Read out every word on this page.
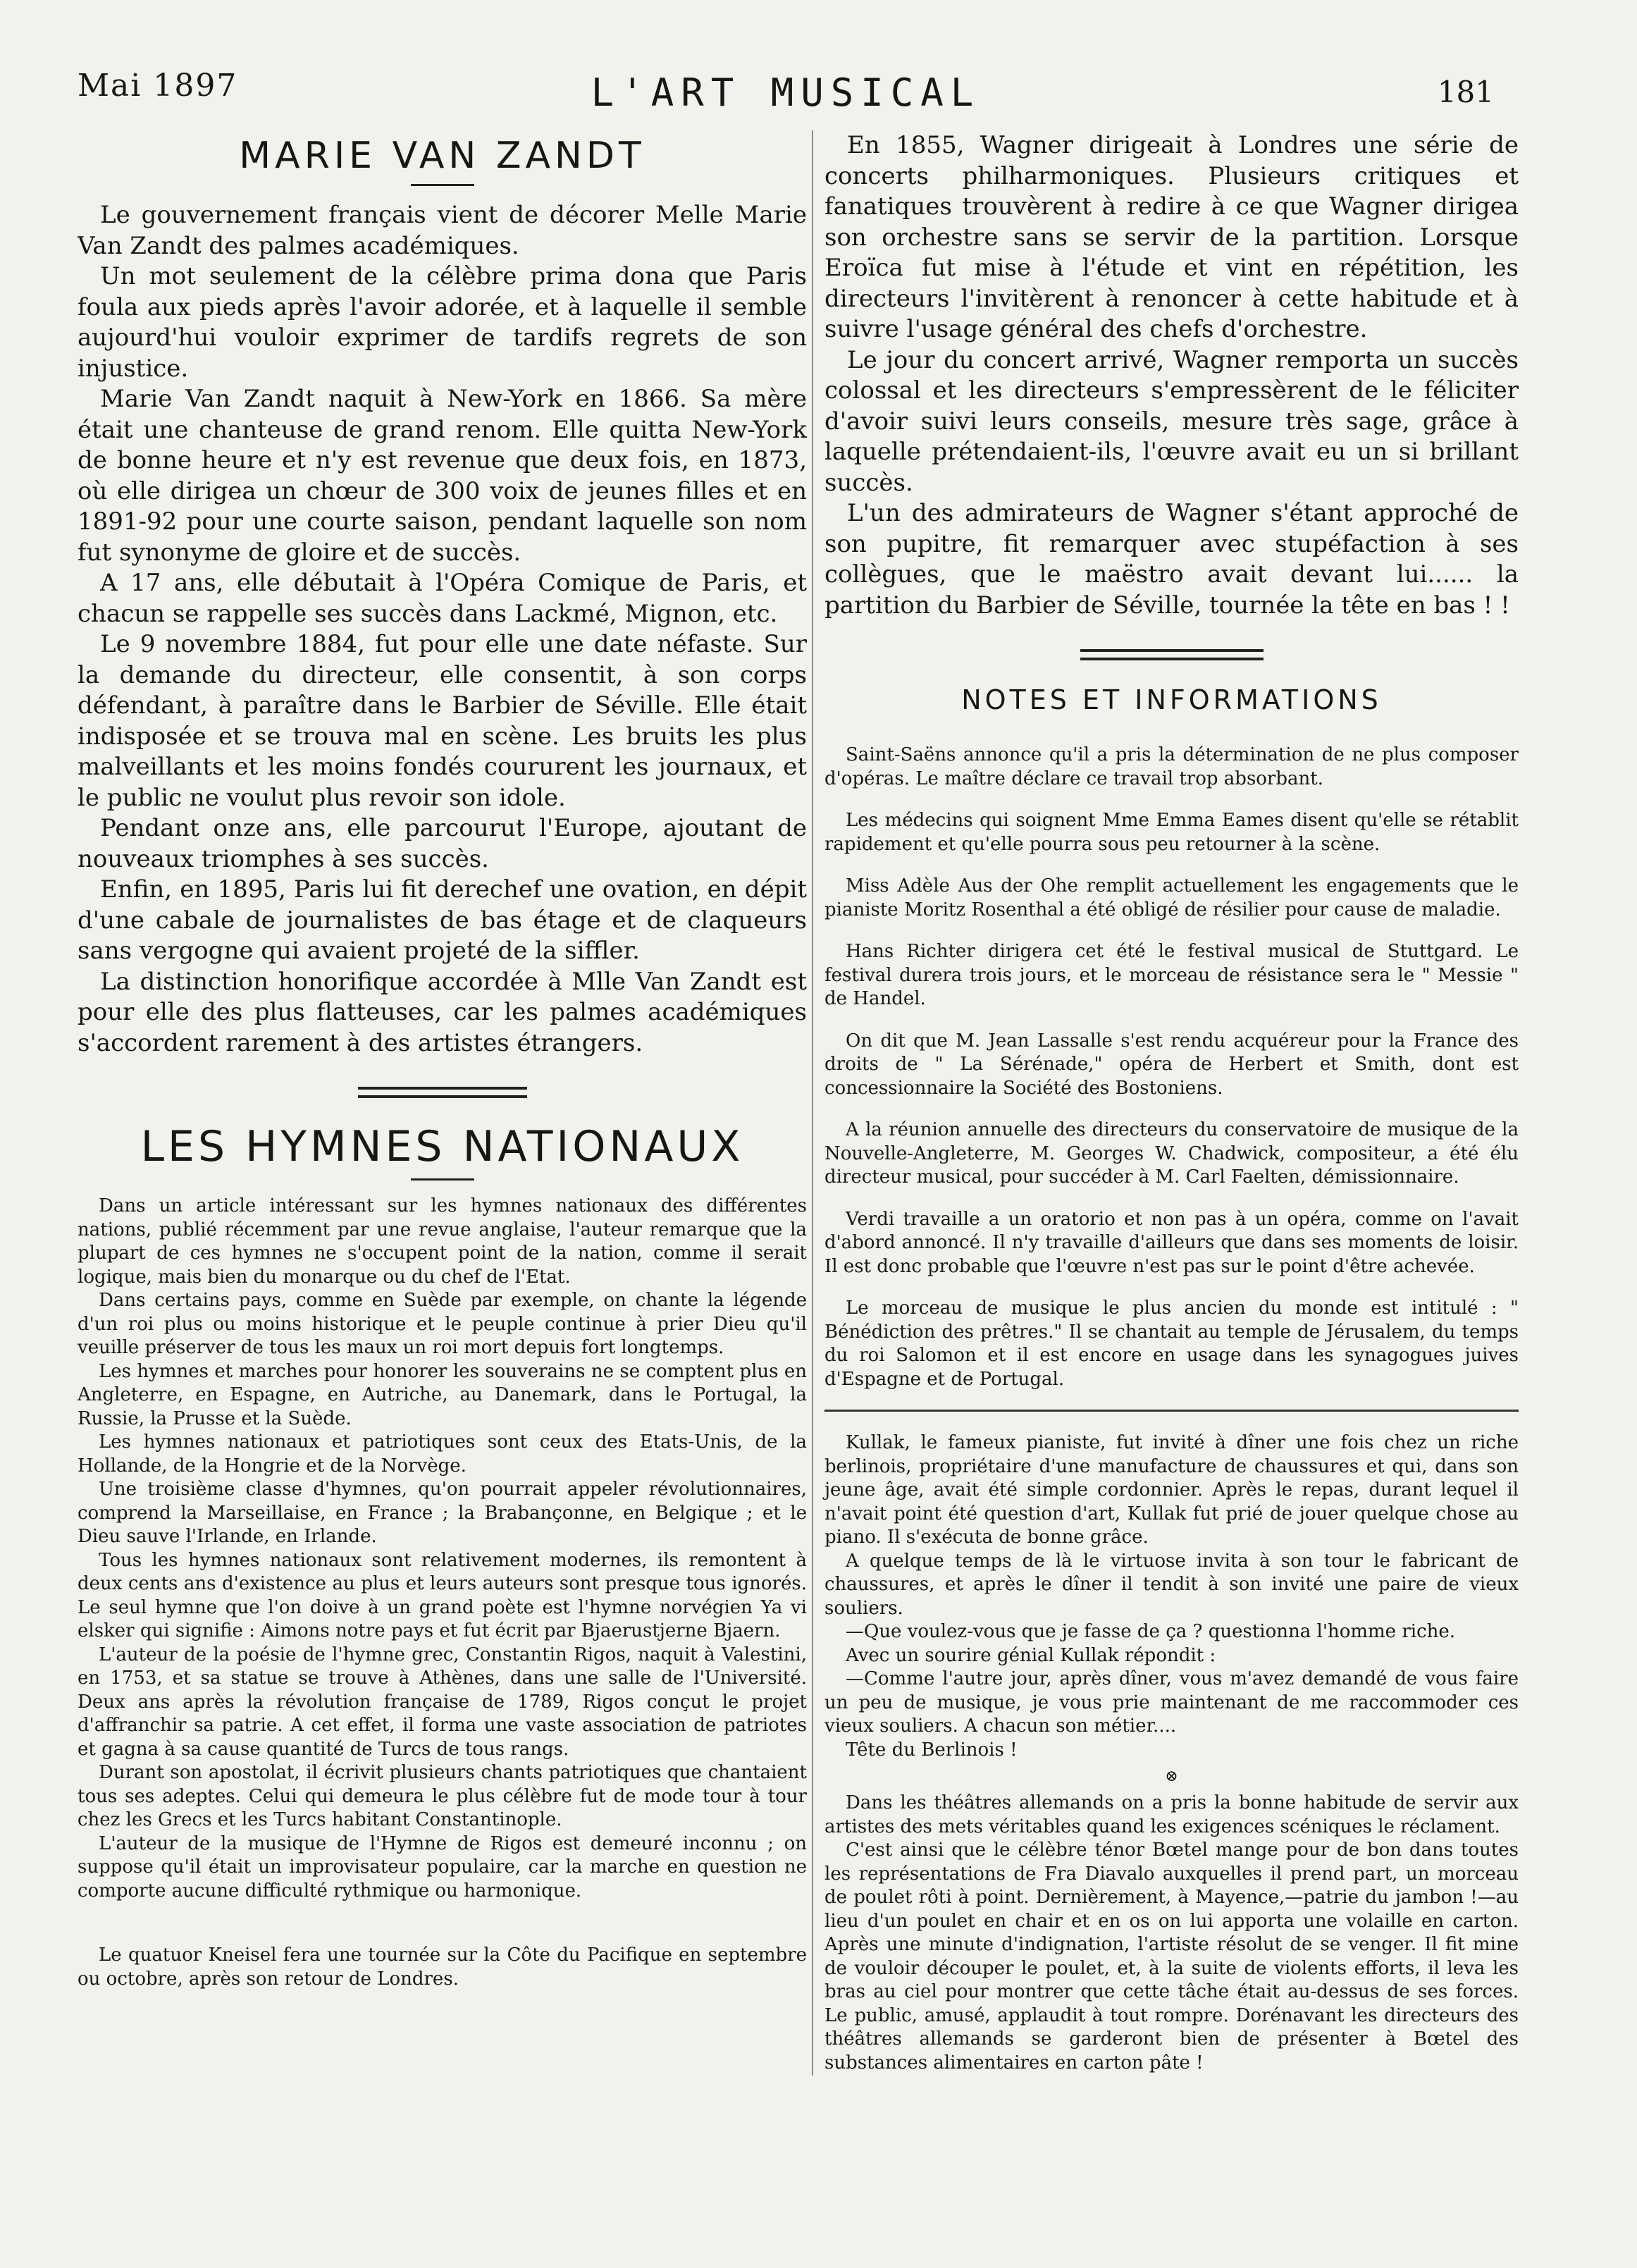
Mai 1897	L'ART MUSICAL	181
MARIE VAN ZANDT

Le gouvernement français vient de décorer Melle Marie Van Zandt des palmes académiques.

Un mot seulement de la célèbre prima dona que Paris foula aux pieds après l'avoir adorée, et à laquelle il semble aujourd'hui vouloir exprimer de tardifs regrets de son injustice.

Marie Van Zandt naquit à New-York en 1866. Sa mère était une chanteuse de grand renom. Elle quitta New-York de bonne heure et n'y est revenue que deux fois, en 1873, où elle dirigea un chœur de 300 voix de jeunes filles et en 1891-92 pour une courte saison, pendant laquelle son nom fut synonyme de gloire et de succès.

A 17 ans, elle débutait à l'Opéra Comique de Paris, et chacun se rappelle ses succès dans Lackmé, Mignon, etc.

Le 9 novembre 1884, fut pour elle une date néfaste. Sur la demande du directeur, elle consentit, à son corps défendant, à paraître dans le Barbier de Séville. Elle était indisposée et se trouva mal en scène. Les bruits les plus malveillants et les moins fondés coururent les journaux, et le public ne voulut plus revoir son idole.

Pendant onze ans, elle parcourut l'Europe, ajoutant de nouveaux triomphes à ses succès.

Enfin, en 1895, Paris lui fit derechef une ovation, en dépit d'une cabale de journalistes de bas étage et de claqueurs sans vergogne qui avaient projeté de la siffler.

La distinction honorifique accordée à Mlle Van Zandt est pour elle des plus flatteuses, car les palmes académiques s'accordent rarement à des artistes étrangers.

LES HYMNES NATIONAUX

Dans un article intéressant sur les hymnes nationaux des différentes nations, publié récemment par une revue anglaise, l'auteur remarque que la plupart de ces hymnes ne s'occupent point de la nation, comme il serait logique, mais bien du monarque ou du chef de l'Etat.

Dans certains pays, comme en Suède par exemple, on chante la légende d'un roi plus ou moins historique et le peuple continue à prier Dieu qu'il veuille préserver de tous les maux un roi mort depuis fort longtemps.

Les hymnes et marches pour honorer les souverains ne se comptent plus en Angleterre, en Espagne, en Autriche, au Danemark, dans le Portugal, la Russie, la Prusse et la Suède.

Les hymnes nationaux et patriotiques sont ceux des Etats-Unis, de la Hollande, de la Hongrie et de la Norvège.

Une troisième classe d'hymnes, qu'on pourrait appeler révolutionnaires, comprend la Marseillaise, en France ; la Brabançonne, en Belgique ; et le Dieu sauve l'Irlande, en Irlande.

Tous les hymnes nationaux sont relativement modernes, ils remontent à deux cents ans d'existence au plus et leurs auteurs sont presque tous ignorés. Le seul hymne que l'on doive à un grand poète est l'hymne norvégien Ya vi elsker qui signifie : Aimons notre pays et fut écrit par Bjaerustjerne Bjaern.

L'auteur de la poésie de l'hymne grec, Constantin Rigos, naquit à Valestini, en 1753, et sa statue se trouve à Athènes, dans une salle de l'Université. Deux ans après la révolution française de 1789, Rigos conçut le projet d'affranchir sa patrie. A cet effet, il forma une vaste association de patriotes et gagna à sa cause quantité de Turcs de tous rangs.

Durant son apostolat, il écrivit plusieurs chants patriotiques que chantaient tous ses adeptes. Celui qui demeura le plus célèbre fut de mode tour à tour chez les Grecs et les Turcs habitant Constantinople.

L'auteur de la musique de l'Hymne de Rigos est demeuré inconnu ; on suppose qu'il était un improvisateur populaire, car la marche en question ne comporte aucune difficulté rythmique ou harmonique.

Le quatuor Kneisel fera une tournée sur la Côte du Pacifique en septembre ou octobre, après son retour de Londres.

En 1855, Wagner dirigeait à Londres une série de concerts philharmoniques. Plusieurs critiques et fanatiques trouvèrent à redire à ce que Wagner dirigea son orchestre sans se servir de la partition. Lorsque Eroïca fut mise à l'étude et vint en répétition, les directeurs l'invitèrent à renoncer à cette habitude et à suivre l'usage général des chefs d'orchestre.

Le jour du concert arrivé, Wagner remporta un succès colossal et les directeurs s'empressèrent de le féliciter d'avoir suivi leurs conseils, mesure très sage, grâce à laquelle prétendaient-ils, l'œuvre avait eu un si brillant succès.

L'un des admirateurs de Wagner s'étant approché de son pupitre, fit remarquer avec stupéfaction à ses collègues, que le maëstro avait devant lui...... la partition du Barbier de Séville, tournée la tête en bas ! !

NOTES ET INFORMATIONS

Saint-Saëns annonce qu'il a pris la détermination de ne plus composer d'opéras. Le maître déclare ce travail trop absorbant.

Les médecins qui soignent Mme Emma Eames disent qu'elle se rétablit rapidement et qu'elle pourra sous peu retourner à la scène.

Miss Adèle Aus der Ohe remplit actuellement les engagements que le pianiste Moritz Rosenthal a été obligé de résilier pour cause de maladie.

Hans Richter dirigera cet été le festival musical de Stuttgard. Le festival durera trois jours, et le morceau de résistance sera le " Messie " de Handel.

On dit que M. Jean Lassalle s'est rendu acquéreur pour la France des droits de " La Sérénade," opéra de Herbert et Smith, dont est concessionnaire la Société des Bostoniens.

A la réunion annuelle des directeurs du conservatoire de musique de la Nouvelle-Angleterre, M. Georges W. Chadwick, compositeur, a été élu directeur musical, pour succéder à M. Carl Faelten, démissionnaire.

Verdi travaille a un oratorio et non pas à un opéra, comme on l'avait d'abord annoncé. Il n'y travaille d'ailleurs que dans ses moments de loisir. Il est donc probable que l'œuvre n'est pas sur le point d'être achevée.

Le morceau de musique le plus ancien du monde est intitulé : " Bénédiction des prêtres." Il se chantait au temple de Jérusalem, du temps du roi Salomon et il est encore en usage dans les synagogues juives d'Espagne et de Portugal.

Kullak, le fameux pianiste, fut invité à dîner une fois chez un riche berlinois, propriétaire d'une manufacture de chaussures et qui, dans son jeune âge, avait été simple cordonnier. Après le repas, durant lequel il n'avait point été question d'art, Kullak fut prié de jouer quelque chose au piano. Il s'exécuta de bonne grâce.

A quelque temps de là le virtuose invita à son tour le fabricant de chaussures, et après le dîner il tendit à son invité une paire de vieux souliers.

—Que voulez-vous que je fasse de ça ? questionna l'homme riche.

Avec un sourire génial Kullak répondit :

—Comme l'autre jour, après dîner, vous m'avez demandé de vous faire un peu de musique, je vous prie maintenant de me raccommoder ces vieux souliers. A chacun son métier....

Tête du Berlinois !

⊗

Dans les théâtres allemands on a pris la bonne habitude de servir aux artistes des mets véritables quand les exigences scéniques le réclament.

C'est ainsi que le célèbre ténor Bœtel mange pour de bon dans toutes les représentations de Fra Diavalo auxquelles il prend part, un morceau de poulet rôti à point. Dernièrement, à Mayence,—patrie du jambon !—au lieu d'un poulet en chair et en os on lui apporta une volaille en carton. Après une minute d'indignation, l'artiste résolut de se venger. Il fit mine de vouloir découper le poulet, et, à la suite de violents efforts, il leva les bras au ciel pour montrer que cette tâche était au-dessus de ses forces. Le public, amusé, applaudit à tout rompre. Dorénavant les directeurs des théâtres allemands se garderont bien de présenter à Bœtel des substances alimentaires en carton pâte !
